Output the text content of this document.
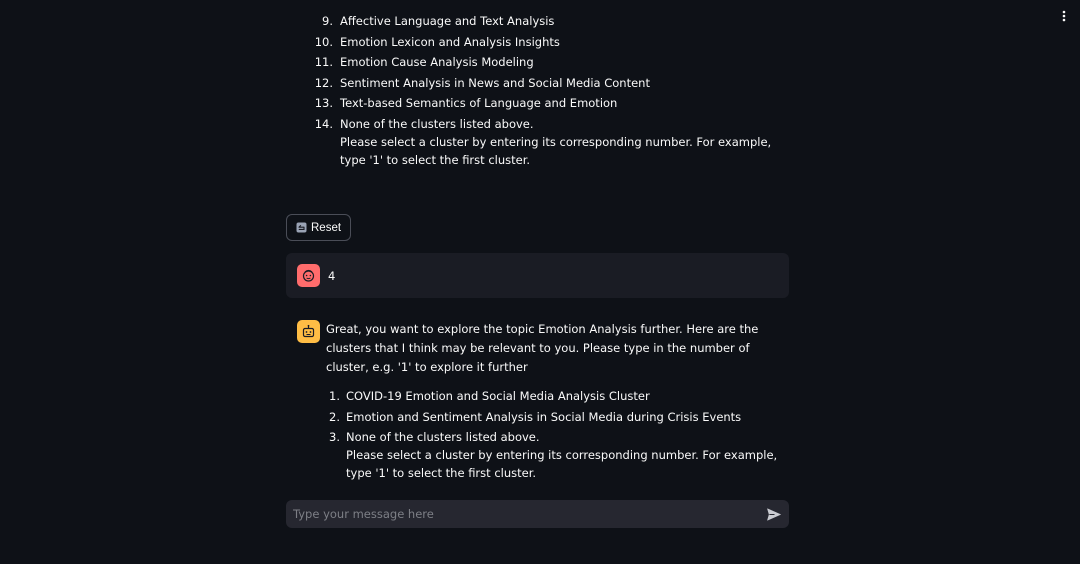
9. Affective Language and Text Analysis
10. Emotion Lexicon and Analysis Insights
11. Emotion Cause Analysis Modeling
12. Sentiment Analysis in News and Social Media Content
13. Text-based Semantics of Language and Emotion
14. None of the clusters listed above.
Please select a cluster by entering its corresponding number. For example, type '1' to select the first cluster.
Reset
4

Great, you want to explore the topic Emotion Analysis further. Here are the clusters that I think may be relevant to you. Please type in the number of cluster, e.g. '1' to explore it further

1. COVID-19 Emotion and Social Media Analysis Cluster
2. Emotion and Sentiment Analysis in Social Media during Crisis Events
3. None of the clusters listed above.
Please select a cluster by entering its corresponding number. For example, type '1' to select the first cluster.
Type your message here
